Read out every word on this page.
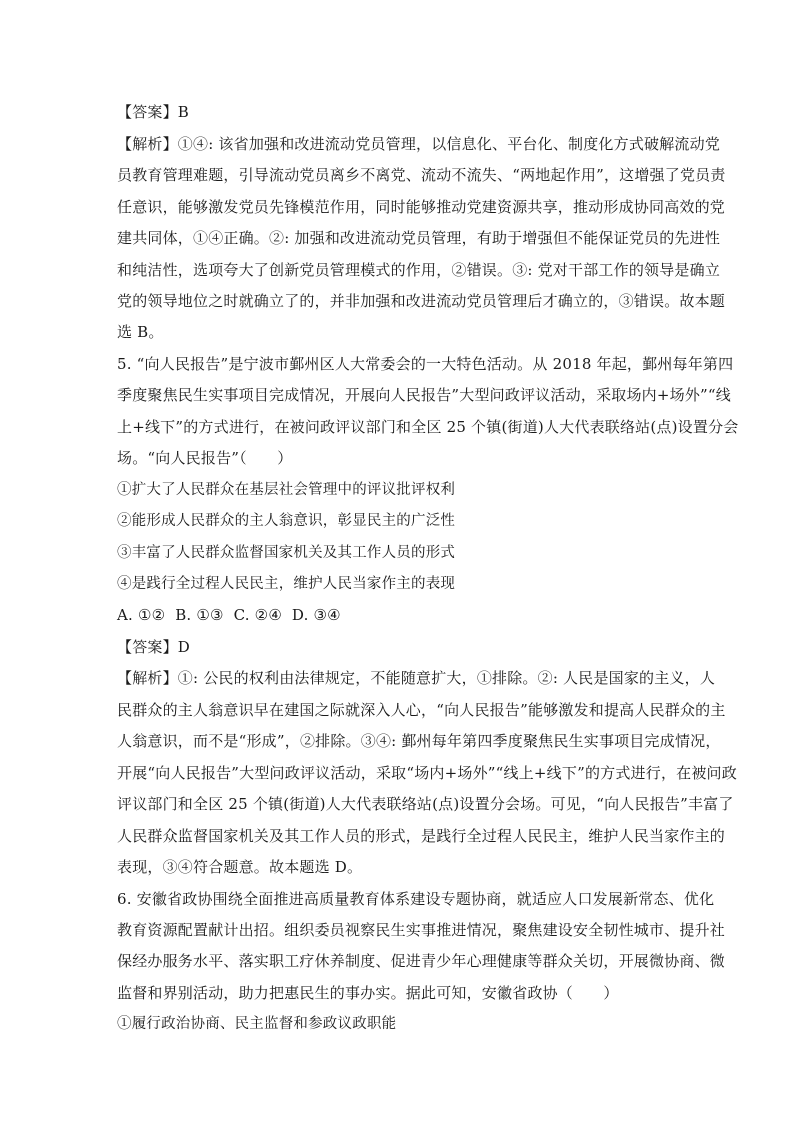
【答案】B
【解析】①④: 该省加强和改进流动党员管理，以信息化、平台化、制度化方式破解流动党
员教育管理难题，引导流动党员离乡不离党、流动不流失、“两地起作用”，这增强了党员责
任意识，能够激发党员先锋模范作用，同时能够推动党建资源共享，推动形成协同高效的党
建共同体，①④正确。②: 加强和改进流动党员管理，有助于增强但不能保证党员的先进性
和纯洁性，选项夸大了创新党员管理模式的作用，②错误。③: 党对干部工作的领导是确立
党的领导地位之时就确立了的，并非加强和改进流动党员管理后才确立的，③错误。故本题
选 B。
5. “向人民报告”是宁波市鄞州区人大常委会的一大特色活动。从 2018 年起，鄞州每年第四
季度聚焦民生实事项目完成情况，开展向人民报告”大型问政评议活动，采取场内+场外”“线
上+线下”的方式进行，在被问政评议部门和全区 25 个镇(街道)人大代表联络站(点)设置分会
场。“向人民报告”（　　）
①扩大了人民群众在基层社会管理中的评议批评权利
②能形成人民群众的主人翁意识，彰显民主的广泛性
③丰富了人民群众监督国家机关及其工作人员的形式
④是践行全过程人民民主，维护人民当家作主的表现
A. ①②  B. ①③  C. ②④  D. ③④
【答案】D
【解析】①: 公民的权利由法律规定，不能随意扩大，①排除。②: 人民是国家的主义，人
民群众的主人翁意识早在建国之际就深入人心，“向人民报告”能够激发和提高人民群众的主
人翁意识，而不是“形成”，②排除。③④: 鄞州每年第四季度聚焦民生实事项目完成情况，
开展“向人民报告”大型问政评议活动，采取“场内+场外”“线上+线下”的方式进行，在被问政
评议部门和全区 25 个镇(街道)人大代表联络站(点)设置分会场。可见，“向人民报告”丰富了
人民群众监督国家机关及其工作人员的形式，是践行全过程人民民主，维护人民当家作主的
表现，③④符合题意。故本题选 D。
6. 安徽省政协围绕全面推进高质量教育体系建设专题协商，就适应人口发展新常态、优化
教育资源配置献计出招。组织委员视察民生实事推进情况，聚焦建设安全韧性城市、提升社
保经办服务水平、落实职工疗休养制度、促进青少年心理健康等群众关切，开展微协商、微
监督和界别活动，助力把惠民生的事办实。据此可知，安徽省政协（　　）
①履行政治协商、民主监督和参政议政职能
